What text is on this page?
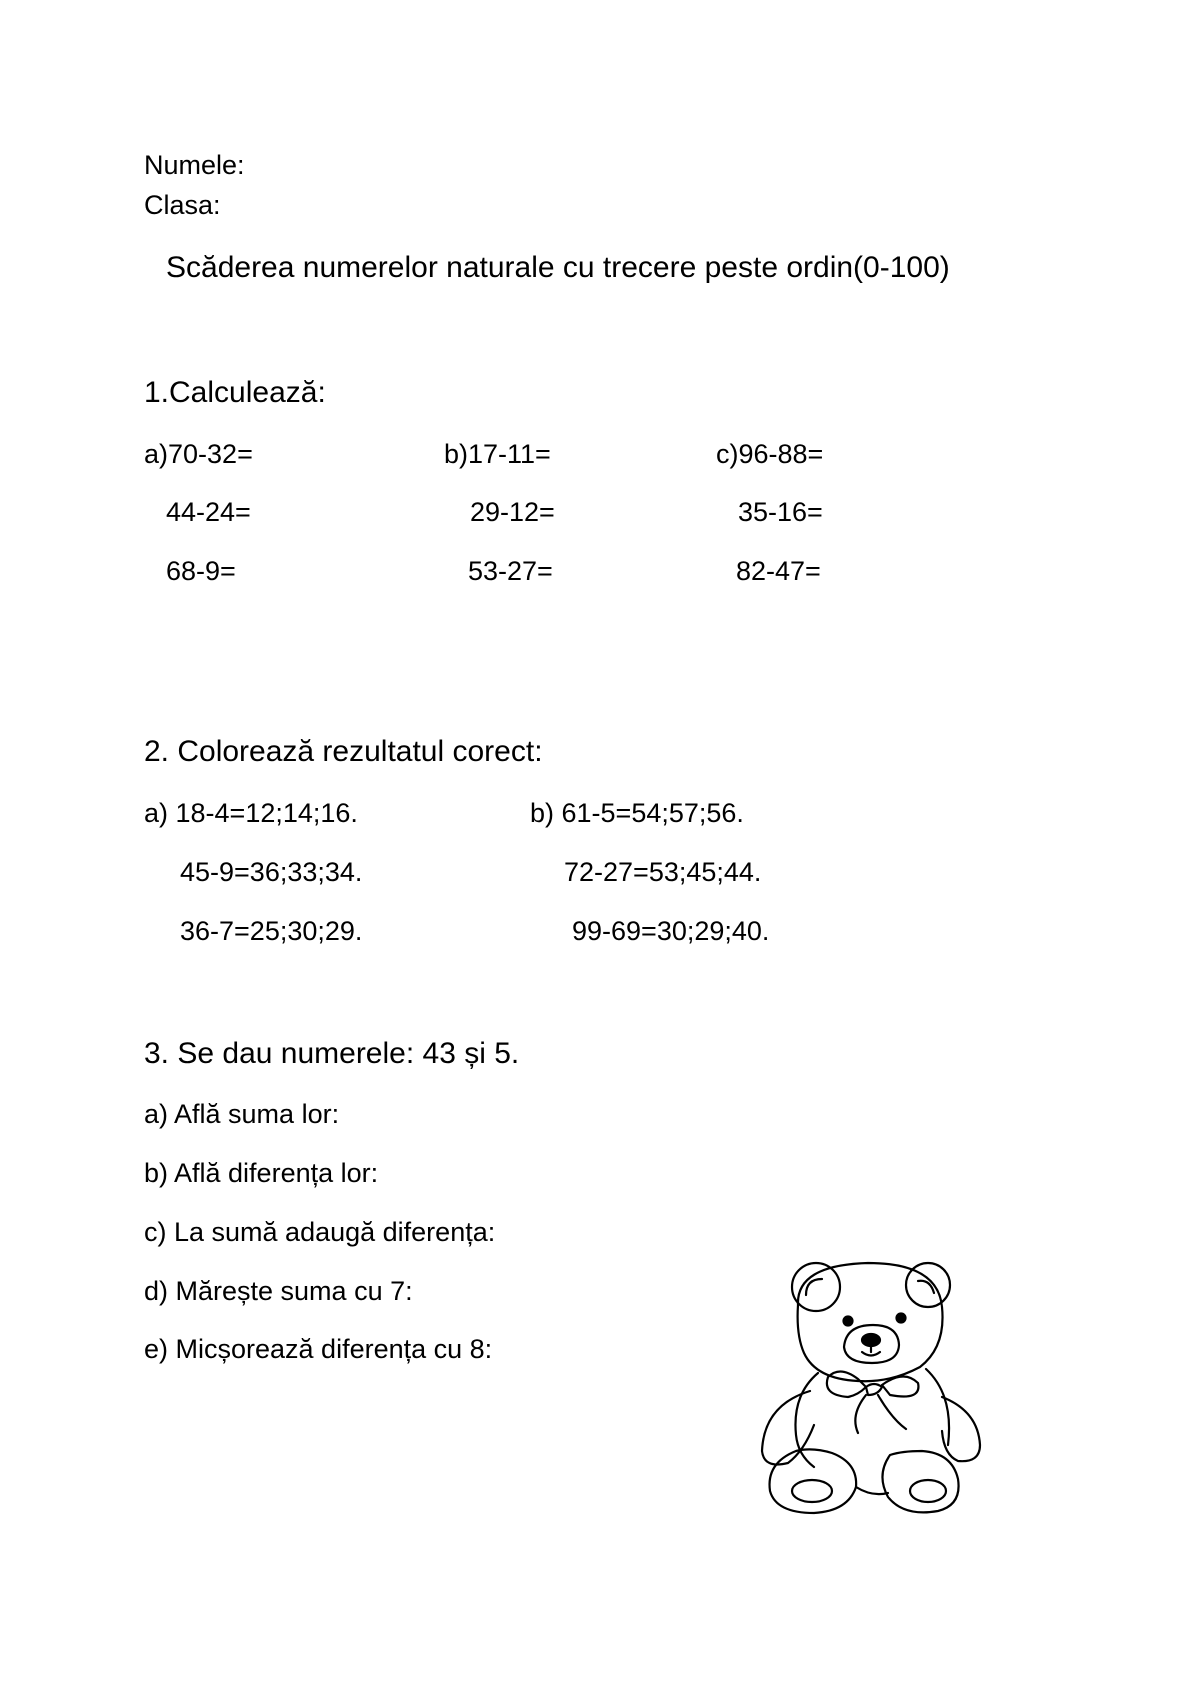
Numele:
Clasa:
Scăderea numerelor naturale cu trecere peste ordin(0-100)
1.Calculează:
a)70-32=	b)17-11=	c)96-88=
44-24=	29-12=	35-16=
68-9=	53-27=	82-47=
2. Colorează rezultatul corect:
a) 18-4=12;14;16.	b) 61-5=54;57;56.
45-9=36;33;34.	72-27=53;45;44.
36-7=25;30;29.	99-69=30;29;40.
3. Se dau numerele: 43 și 5.
a) Află suma lor:
b) Află diferența lor:
c) La sumă adaugă diferența:
d) Mărește suma cu 7:
e) Micșorează diferența cu 8:
